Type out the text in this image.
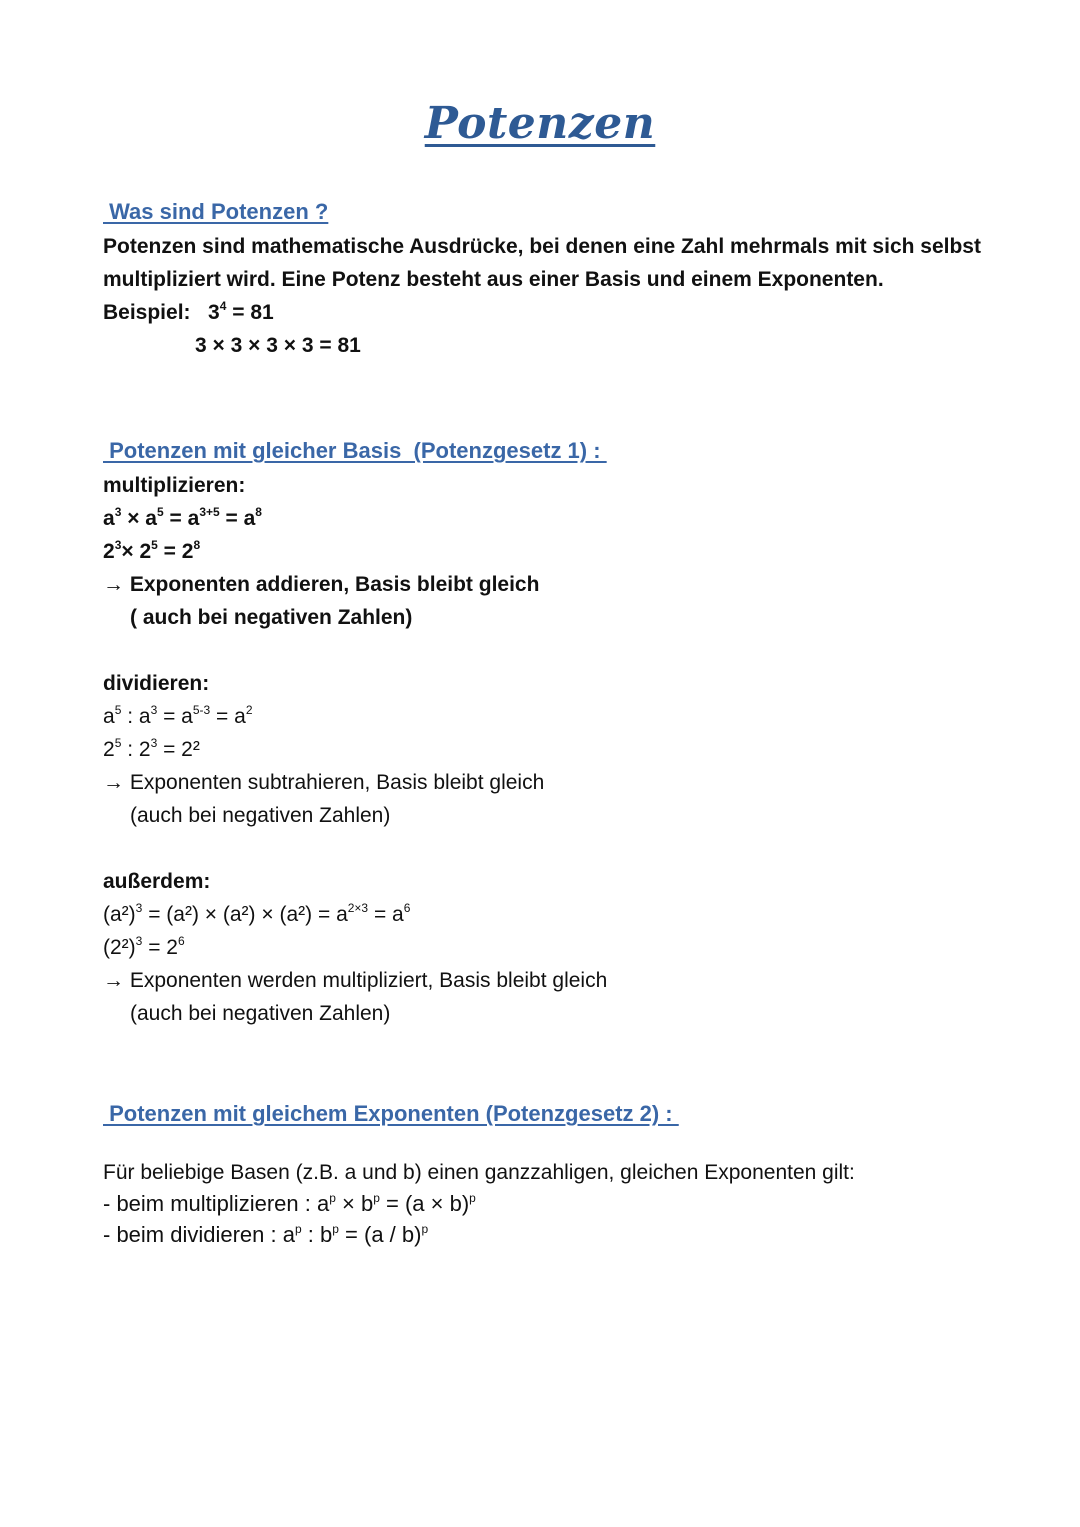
Potenzen
Was sind Potenzen ?
Potenzen sind mathematische Ausdrücke, bei denen eine Zahl mehrmals mit sich selbst
multipliziert wird. Eine Potenz besteht aus einer Basis und einem Exponenten.
Beispiel: $3^4 = 81$
3 × 3 × 3 × 3 = 81
Potenzen mit gleicher Basis  (Potenzgesetz 1) :
multiplizieren:
$a^3 \times a^5 = a^{3+5} = a^8$
$2^3\times 2^5 = 2^8$
→ Exponenten addieren, Basis bleibt gleich
( auch bei negativen Zahlen)
dividieren:
$a^5$ : $a^3 = a^{5-3} = a^2$
$2^5$ : $2^3 = 2^2$
→ Exponenten subtrahieren, Basis bleibt gleich
(auch bei negativen Zahlen)
außerdem:
$(a^2)^3 = (a^2) \times (a^2) \times (a^2) = a^{2\times 3} = a^6$
$(2^2)^3 = 2^6$
→ Exponenten werden multipliziert, Basis bleibt gleich
(auch bei negativen Zahlen)
Potenzen mit gleichem Exponenten (Potenzgesetz 2) :
Für beliebige Basen (z.B. a und b) einen ganzzahligen, gleichen Exponenten gilt:
- beim multiplizieren : $a^p \times b^p = (a \times b)^p$
- beim dividieren : $a^p$ : $b^p = (a / b)^p$
